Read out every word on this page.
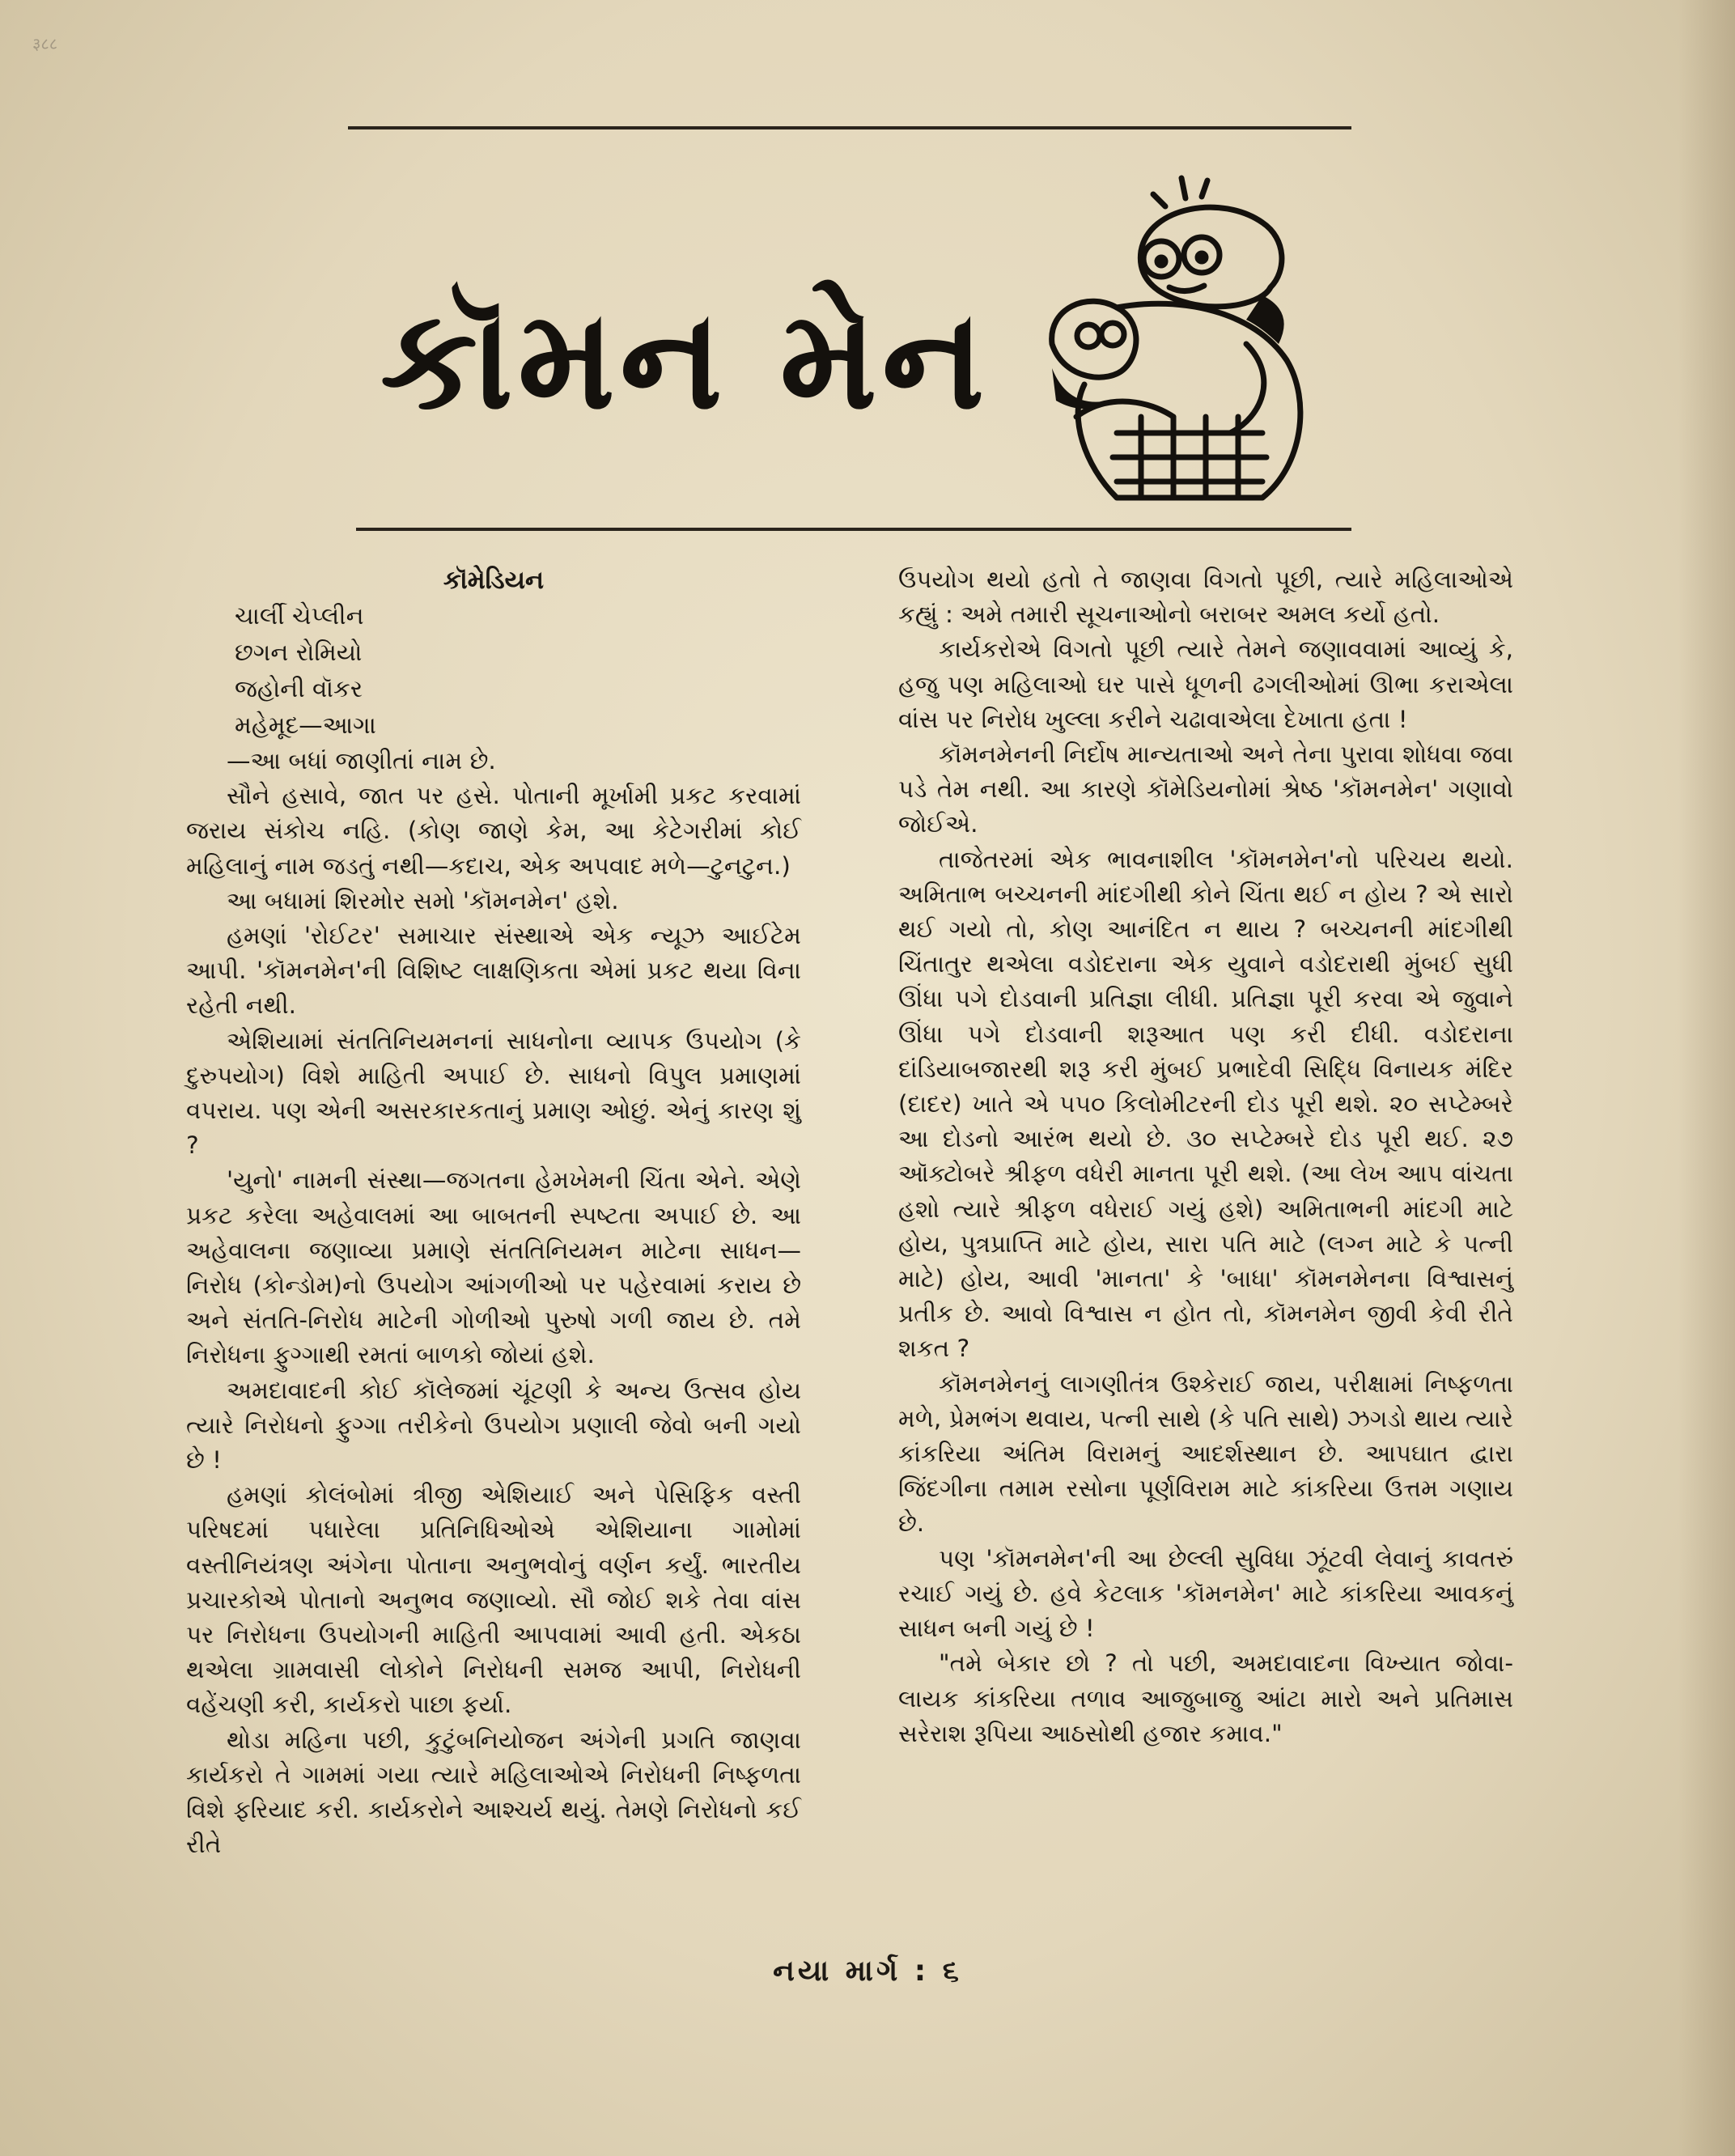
३८८
કૉમન મેન

કૉમેડિયન

ચાર્લી ચેપ્લીન
છગન રોમિયો
જહોની વૉકર
મહેમૂદ—આગા

—આ બધાં જાણીતાં નામ છે.

સૌને હસાવે, જાત પર હસે. પોતાની મૂર્ખામી પ્રકટ કરવામાં જરાય સંકોચ નહિ. (કોણ જાણે કેમ, આ કેટેગરીમાં કોઈ મહિલાનું નામ જડતું નથી—કદાચ, એક અપવાદ મળે—ટુનટુન.)

આ બધામાં શિરમોર સમો 'કૉમનમેન' હશે.

હમણાં 'રોઈટર' સમાચાર સંસ્થાએ એક ન્યૂઝ આઈટેમ આપી. 'કૉમનમેન'ની વિશિષ્ટ લાક્ષણિકતા એમાં પ્રકટ થયા વિના રહેતી નથી.

એશિયામાં સંતતિનિયમનનાં સાધનોના વ્યાપક ઉપયોગ (કે દુરુપયોગ) વિશે માહિતી અપાઈ છે. સાધનો વિપુલ પ્રમાણમાં વપરાય. પણ એની અસરકારકતાનું પ્રમાણ ઓછું. એનું કારણ શું ?

'યુનો' નામની સંસ્થા—જગતના હેમખેમની ચિંતા એને. એણે પ્રકટ કરેલા અહેવાલમાં આ બાબતની સ્પષ્ટતા અપાઈ છે. આ અહેવાલના જણાવ્યા પ્રમાણે સંતતિનિયમન માટેના સાધન—નિરોધ (કોન્ડોમ)નો ઉપયોગ આંગળીઓ પર પહેરવામાં કરાય છે અને સંતતિ-નિરોધ માટેની ગોળીઓ પુરુષો ગળી જાય છે. તમે નિરોધના ફુગ્ગાથી રમતાં બાળકો જોયાં હશે.

અમદાવાદની કોઈ કૉલેજમાં ચૂંટણી કે અન્ય ઉત્સવ હોય ત્યારે નિરોધનો ફુગ્ગા તરીકેનો ઉપયોગ પ્રણાલી જેવો બની ગયો છે !

હમણાં કોલંબોમાં ત્રીજી એશિયાઈ અને પેસિફિક વસ્તી પરિષદમાં પધારેલા પ્રતિનિધિઓએ એશિયાના ગામોમાં વસ્તીનિયંત્રણ અંગેના પોતાના અનુભવોનું વર્ણન કર્યું. ભારતીય પ્રચારકોએ પોતાનો અનુભવ જણાવ્યો. સૌ જોઈ શકે તેવા વાંસ પર નિરોધના ઉપયોગની માહિતી આપવામાં આવી હતી. એકઠા થએલા ગ્રામવાસી લોકોને નિરોધની સમજ આપી, નિરોધની વહેંચણી કરી, કાર્યકરો પાછા ફર્યા.

થોડા મહિના પછી, કુટુંબનિયોજન અંગેની પ્રગતિ જાણવા કાર્યકરો તે ગામમાં ગયા ત્યારે મહિલાઓએ નિરોધની નિષ્ફળતા વિશે ફરિયાદ કરી. કાર્યકરોને આશ્ચર્ય થયું. તેમણે નિરોધનો કઈ રીતે

ઉપયોગ થયો હતો તે જાણવા વિગતો પૂછી, ત્યારે મહિલાઓએ કહ્યું : અમે તમારી સૂચનાઓનો બરાબર અમલ કર્યો હતો.

કાર્યકરોએ વિગતો પૂછી ત્યારે તેમને જણાવવામાં આવ્યું કે, હજુ પણ મહિલાઓ ઘર પાસે ધૂળની ઢગલીઓમાં ઊભા કરાએલા વાંસ પર નિરોધ ખુલ્લા કરીને ચઢાવાએલા દેખાતા હતા !

કૉમનમેનની નિર્દોષ માન્યતાઓ અને તેના પુરાવા શોધવા જવા પડે તેમ નથી. આ કારણે કૉમેડિયનોમાં શ્રેષ્ઠ 'કૉમનમેન' ગણાવો જોઈએ.

તાજેતરમાં એક ભાવનાશીલ 'કૉમનમેન'નો પરિચય થયો. અમિતાભ બચ્ચનની માંદગીથી કોને ચિંતા થઈ ન હોય ? એ સારો થઈ ગયો તો, કોણ આનંદિત ન થાય ? બચ્ચનની માંદગીથી ચિંતાતુર થએલા વડોદરાના એક યુવાને વડોદરાથી મુંબઈ સુધી ઊંધા પગે દોડવાની પ્રતિજ્ઞા લીધી. પ્રતિજ્ઞા પૂરી કરવા એ જુવાને ઊંધા પગે દોડવાની શરૂઆત પણ કરી દીધી. વડોદરાના દાંડિયાબજારથી શરૂ કરી મુંબઈ પ્રભાદેવી સિદ્ધિ વિનાયક મંદિર (દાદર) ખાતે એ ૫૫૦ કિલોમીટરની દોડ પૂરી થશે. ૨૦ સપ્ટેમ્બરે આ દોડનો આરંભ થયો છે. ૩૦ સપ્ટેમ્બરે દોડ પૂરી થઈ. ૨૭ ઑક્ટોબરે શ્રીફળ વધેરી માનતા પૂરી થશે. (આ લેખ આપ વાંચતા હશો ત્યારે શ્રીફળ વધેરાઈ ગયું હશે) અમિતાભની માંદગી માટે હોય, પુત્રપ્રાપ્તિ માટે હોય, સારા પતિ માટે (લગ્ન માટે કે પત્ની માટે) હોય, આવી 'માનતા' કે 'બાધા' કૉમનમેનના વિશ્વાસનું પ્રતીક છે. આવો વિશ્વાસ ન હોત તો, કૉમનમેન જીવી કેવી રીતે શકત ?

કૉમનમેનનું લાગણીતંત્ર ઉશ્કેરાઈ જાય, પરીક્ષામાં નિષ્ફળતા મળે, પ્રેમભંગ થવાય, પત્ની સાથે (કે પતિ સાથે) ઝગડો થાય ત્યારે કાંકરિયા અંતિમ વિરામનું આદર્શસ્થાન છે. આપઘાત દ્વારા જિંદગીના તમામ રસોના પૂર્ણવિરામ માટે કાંકરિયા ઉત્તમ ગણાય છે.

પણ 'કૉમનમેન'ની આ છેલ્લી સુવિધા ઝૂંટવી લેવાનું કાવતરું રચાઈ ગયું છે. હવે કેટલાક 'કૉમનમેન' માટે કાંકરિયા આવકનું સાધન બની ગયું છે !

"તમે બેકાર છો ? તો પછી, અમદાવાદના વિખ્યાત જોવા-લાયક કાંકરિયા તળાવ આજુબાજુ આંટા મારો અને પ્રતિમાસ સરેરાશ રૂપિયા આઠસોથી હજાર કમાવ."

નયા માર્ગ : ૬
